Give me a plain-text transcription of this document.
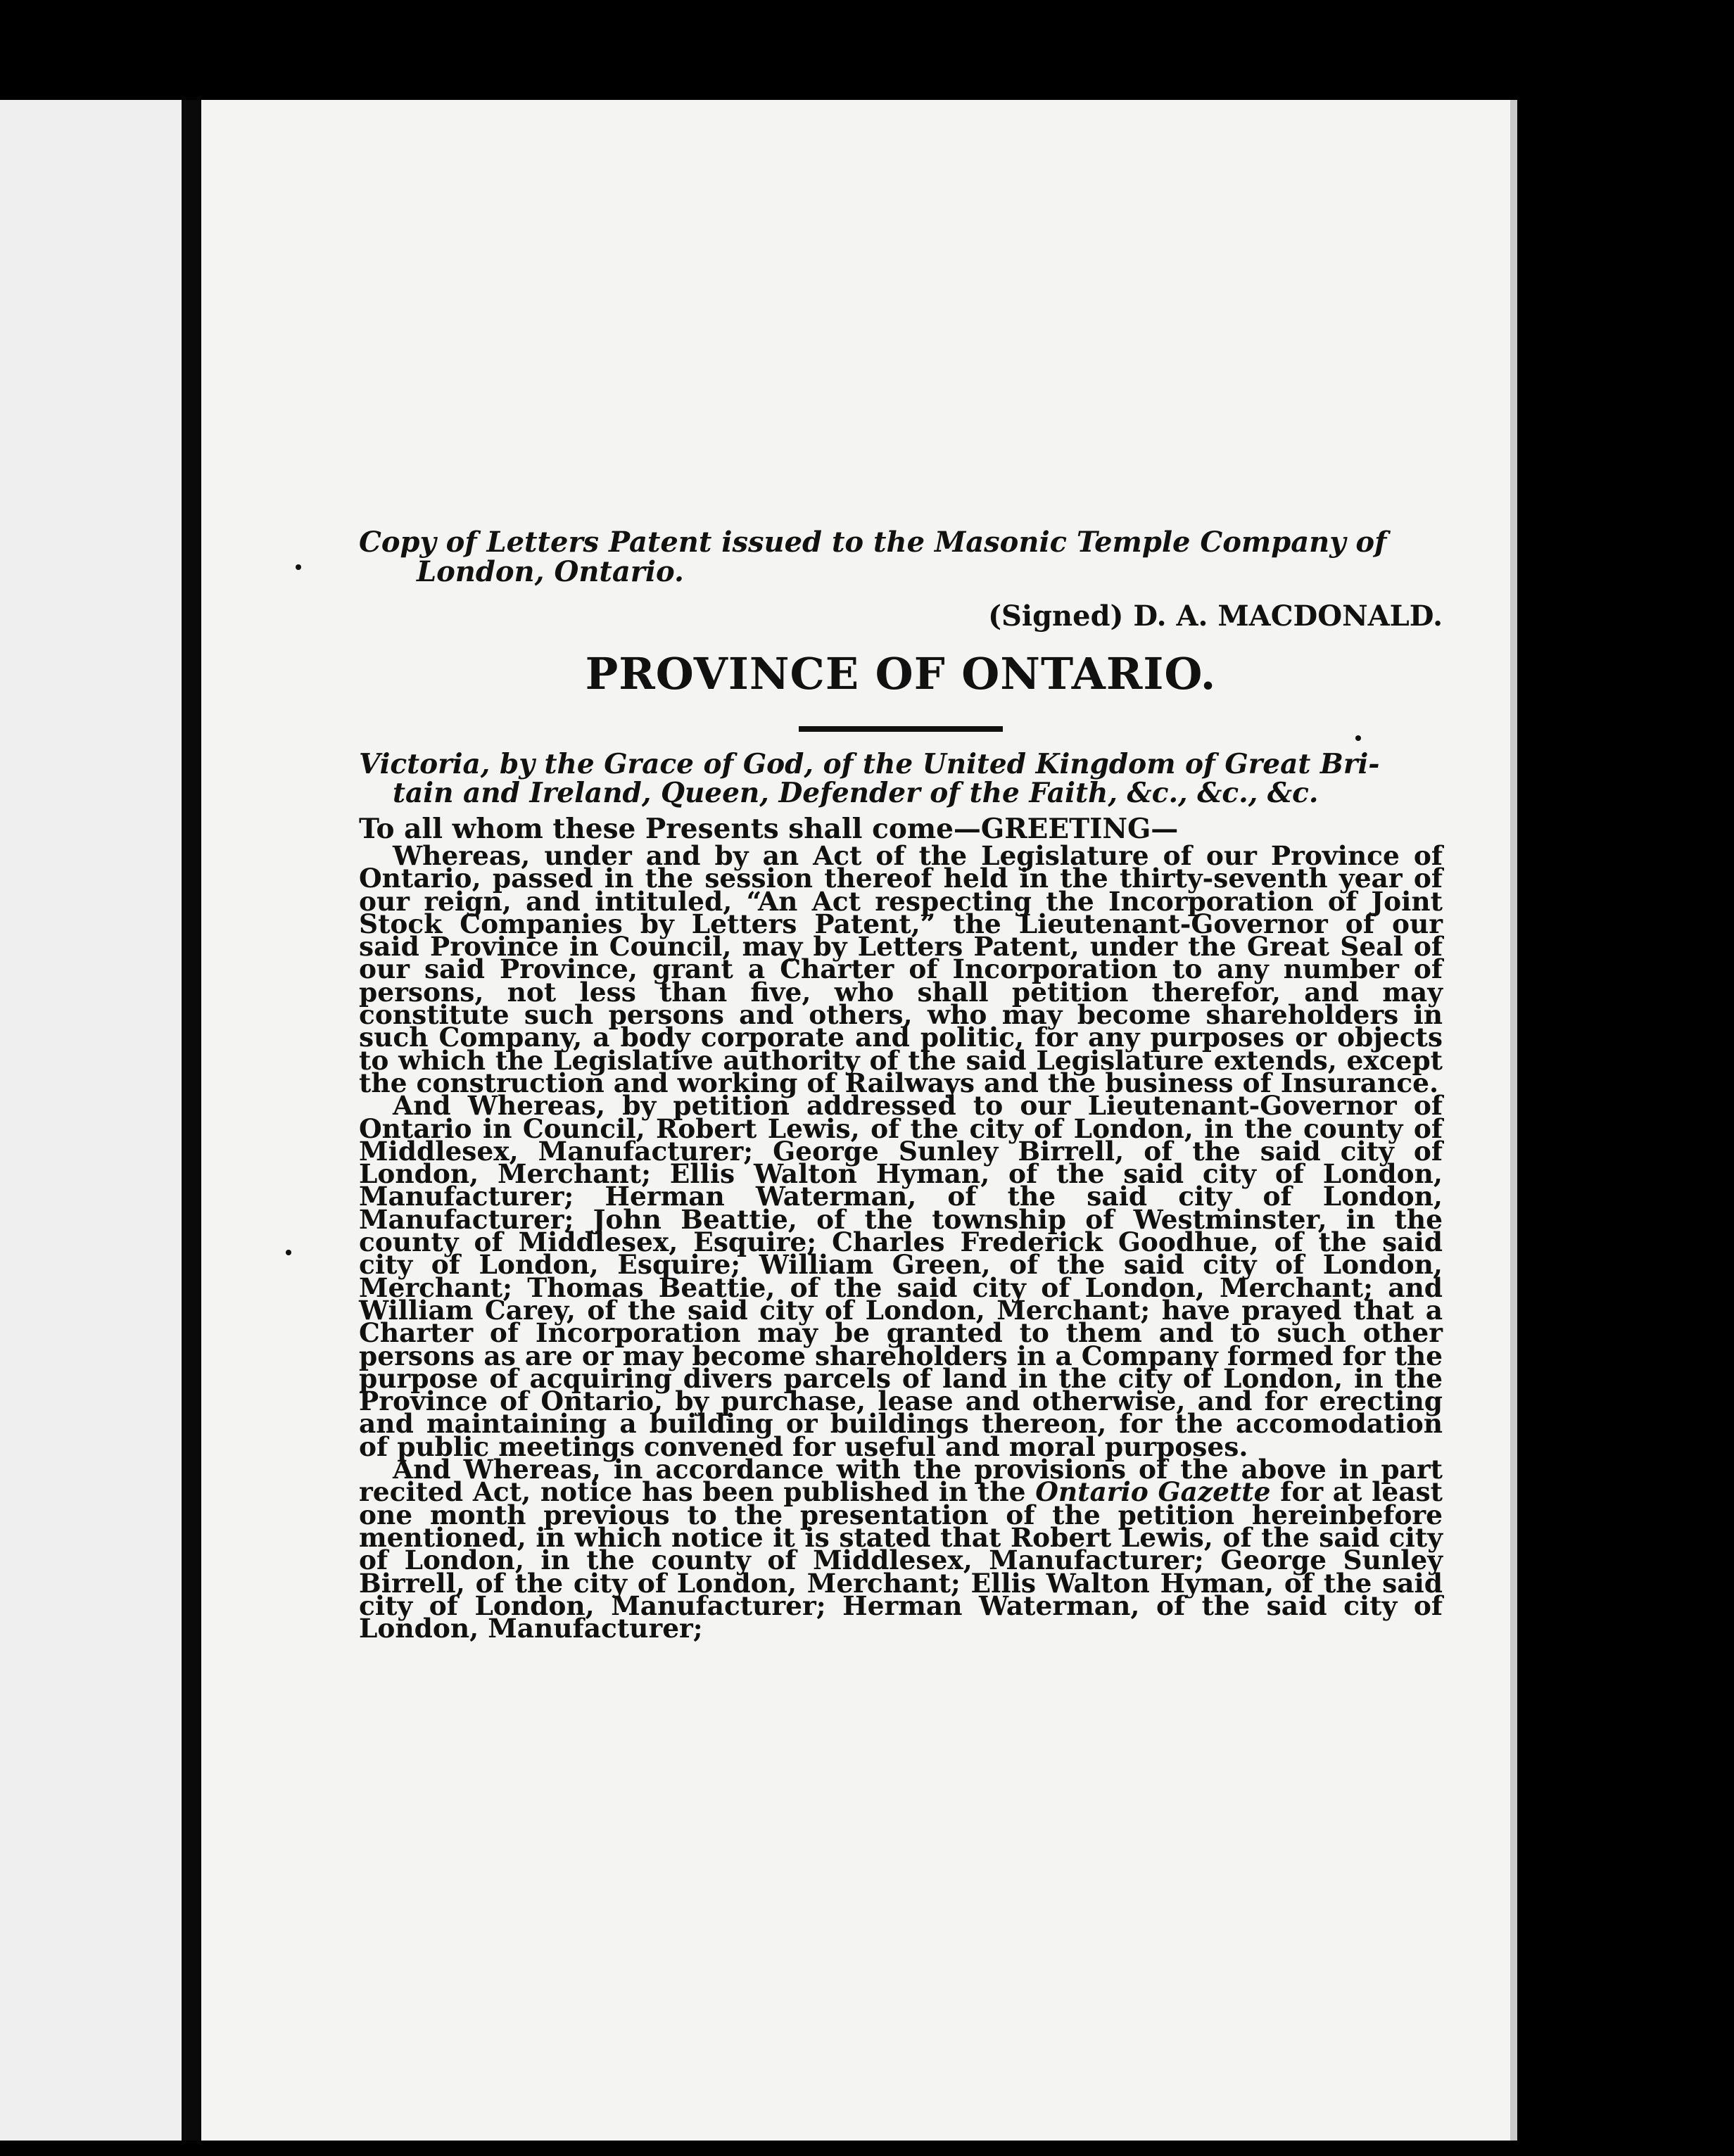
Copy of Letters Patent issued to the Masonic Temple Company of
London, Ontario.

(Signed) D. A. MACDONALD.

PROVINCE OF ONTARIO.

Victoria, by the Grace of God, of the United Kingdom of Great Bri-
tain and Ireland, Queen, Defender of the Faith, &c., &c., &c.

To all whom these Presents shall come—GREETING—

Whereas, under and by an Act of the Legislature of our Province of Ontario, passed in the session thereof held in the thirty-seventh year of our reign, and intituled, “An Act respecting the Incorporation of Joint Stock Companies by Letters Patent,” the Lieutenant-Governor of our said Province in Council, may by Letters Patent, under the Great Seal of our said Province, grant a Charter of Incorporation to any number of persons, not less than five, who shall petition therefor, and may constitute such persons and others, who may become shareholders in such Company, a body corporate and politic, for any purposes or objects to which the Legislative authority of the said Legislature extends, except the construction and working of Railways and the business of Insurance.

And Whereas, by petition addressed to our Lieutenant-Governor of Ontario in Council, Robert Lewis, of the city of London, in the county of Middlesex, Manufacturer; George Sunley Birrell, of the said city of London, Merchant; Ellis Walton Hyman, of the said city of London, Manufacturer; Herman Waterman, of the said city of London, Manufacturer; John Beattie, of the township of Westminster, in the county of Middlesex, Esquire; Charles Frederick Goodhue, of the said city of London, Esquire; William Green, of the said city of London, Merchant; Thomas Beattie, of the said city of London, Merchant; and William Carey, of the said city of London, Merchant; have prayed that a Charter of Incorporation may be granted to them and to such other persons as are or may become shareholders in a Company formed for the purpose of acquiring divers parcels of land in the city of London, in the Province of Ontario, by purchase, lease and otherwise, and for erecting and maintaining a building or buildings thereon, for the accomodation of public meetings convened for useful and moral purposes.

And Whereas, in accordance with the provisions of the above in part recited Act, notice has been published in the Ontario Gazette for at least one month previous to the presentation of the petition hereinbefore mentioned, in which notice it is stated that Robert Lewis, of the said city of London, in the county of Middlesex, Manufacturer; George Sunley Birrell, of the city of London, Merchant; Ellis Walton Hyman, of the said city of London, Manufacturer; Herman Waterman, of the said city of London, Manufacturer;
